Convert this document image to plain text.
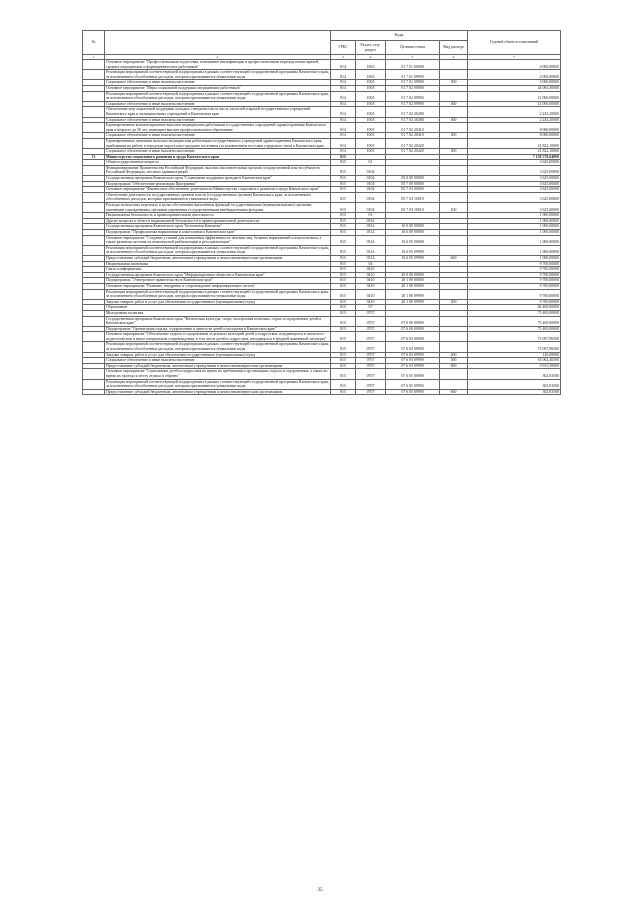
№		Коды				Годовой объем ассигнований
		ГРБС	Раздел, под-раздел	Целевая статья	Вид расхода	
1	2	3	4	5	6	7
	Основное мероприятие "Профессиональная подготовка, повышение квалификации и профессиональная переподготовка врачей, средних медицинских и фармацевтических работников"	814	1003	01 7 01 00000		4 000,00000
	Реализация мероприятий соответствующей подпрограммы в рамках соответствующей государственной программы Камчатского края, за исключением обособленных расходов, которым присваиваются уникальные коды	814	1003	01 7 01 09990		4 000,00000
	Социальное обеспечение и иные выплаты населению	814	1003	01 7 01 09990	300	4 000,00000
	Основное мероприятие "Меры социальной поддержки медицинских работников"	814	1003	01 7 02 00000		44 065,30000
	Реализация мероприятий соответствующей подпрограммы в рамках соответствующей государственной программы Камчатского края, за исключением обособленных расходов, которым присваиваются уникальные коды	814	1003	01 7 02 09990		12 000,00000
	Социальное обеспечение и иные выплаты населению	814	1003	01 7 02 09990	300	12 000,00000
	Обеспечение мер социальной поддержки молодых специалистов из числа учителей и врачей государственных учреждений Камчатского края и муниципальных учреждений в Камчатском крае	814	1003	01 7 02 20280		2 243,20000
	Социальное обеспечение и иные выплаты населению	814	1003	01 7 02 20280	300	2 243,20000
	Единовременные компенсационные выплаты медицинским работникам государственных учреждений здравоохранения Камчатского края в возрасте до 50 лет, имеющим высшее профессиональное образование	814	1003	01 7 02 20410		8 000,00000
	Социальное обеспечение и иные выплаты населению	814	1003	01 7 02 20410	300	8 000,00000
	Единовременные денежные выплаты медицинским работникам государственных учреждений здравоохранения Камчатского края, прибывшим на работу в городские округа или городские поселения (за исключением поселков городского типа) в Камчатском крае	814	1003	01 7 02 20420		21 822,10000
	Социальное обеспечение и иные выплаты населению	814	1003	01 7 02 20420	300	21 822,10000
13	Министерство социального развития и труда Камчатского края	815				7 158 578,04000
	Общегосударственные вопросы	815	01			3 625,00000
	Функционирование Правительства Российской Федерации, высших исполнительных органов государственной власти субъектов Российской Федерации, местных администраций	815	0104			3 625,00000
	Государственная программа Камчатского края "Социальная поддержка граждан в Камчатском крае"	815	0104	05 0 00 00000		3 625,00000
	Подпрограмма "Обеспечение реализации Программы"	815	0104	05 7 00 00000		3 625,00000
	Основное мероприятие "Финансовое обеспечение деятельности Министерства социального развития и труда Камчатского края"	815	0104	05 7 03 00000		3 625,00000
	Обеспечение деятельности государственных органов власти (государственных органов) Камчатского края, за исключением обособленных расходов, которым присваиваются уникальные коды	815	0104	05 7 03 10010		3 625,00000
	Расходы на выплаты персоналу в целях обеспечения выполнения функций государственными (муниципальными) органами, казенными учреждениями, органами управления государственными внебюджетными фондами	815	0104	05 7 03 10010	100	3 625,00000
	Национальная безопасность и правоохранительная деятельность	815	03			1 000,00000
	Другие вопросы в области национальной безопасности и правоохранительной деятельности	815	0314			1 000,00000
	Государственная программа Камчатского края "Безопасная Камчатка"	815	0314	16 0 00 00000		1 000,00000
	Подпрограмма "Профилактика наркомании и алкоголизма в Камчатском крае"	815	0314	16 6 00 00000		1 000,00000
	Основное мероприятие "Создание условий для повышения эффективности лечения лиц, больных наркоманией и алкоголизмом, а также развития системы их комплексной реабилитации и ресоциализации"	815	0314	16 6 05 00000		1 000,00000
	Реализация мероприятий соответствующей подпрограммы в рамках соответствующей государственной программы Камчатского края, за исключением обособленных расходов, которым присваиваются уникальные коды	815	0314	16 6 05 09990		1 000,00000
	Предоставление субсидий бюджетным, автономным учреждениям и иным некоммерческим организациям	815	0314	16 6 05 09990	600	1 000,00000
	Национальная экономика	815	04			9 700,00000
	Связь и информатика	815	0410			9 700,00000
	Государственная программа Камчатского края "Информационное общество в Камчатском крае"	815	0410	20 0 00 00000		9 700,00000
	Подпрограмма "Электронное правительство в Камчатском крае"	815	0410	20 1 00 00000		9 700,00000
	Основное мероприятие "Развитие, внедрение и сопровождение информационных систем"	815	0410	20 1 06 00000		9 700,00000
	Реализация мероприятий соответствующей подпрограммы в рамках соответствующей государственной программы Камчатского края, за исключением обособленных расходов, которым присваиваются уникальные коды	815	0410	20 1 06 09990		9 700,00000
	Закупка товаров, работ и услуг для обеспечения государственных (муниципальных) нужд	815	0410	20 1 06 09990	200	9 700,00000
	Образование	815	07			84 400,00000
	Молодежная политика	815	0707			73 400,00000
	Государственная программа Камчатского края "Физическая культура, спорт, молодежная политика, отдых и оздоровление детей в Камчатском крае"	815	0707	07 0 00 00000		73 400,00000
	Подпрограмма "Организация отдыха, оздоровления и занятости детей и молодежи в Камчатском крае"	815	0707	07 6 00 00000		73 400,00000
	Основное мероприятие "Обеспечение отдыха и оздоровления отдельных категорий детей и подростков, нуждающихся в психолого-педагогическом и ином специальном сопровождении, в том числе детей и подростков, находящихся в трудной жизненной ситуации"	815	0707	07 6 03 00000		73 097,96500
	Реализация мероприятий соответствующей подпрограммы в рамках соответствующей государственной программы Камчатского края, за исключением обособленных расходов, которым присваиваются уникальные коды	815	0707	07 6 03 09990		73 097,96500
	Закупка товаров, работ и услуг для обеспечения государственных (муниципальных) нужд	815	0707	07 6 03 09990	200	120,00000
	Социальное обеспечение и иные выплаты населению	815	0707	07 6 03 09990	300	63 062,46500
	Предоставление субсидий бюджетным, автономным учреждениям и иным некоммерческим организациям	815	0707	07 6 03 09990	600	9 915,50000
	Основное мероприятие "Страхование детей и подростков во время их пребывания в организациях отдыха и оздоровления, а также во время их проезда к месту отдыха и обратно"	815	0707	07 6 05 00000		302,03500
	Реализация мероприятий соответствующей подпрограммы в рамках соответствующей государственной программы Камчатского края, за исключением обособленных расходов, которым присваиваются уникальные коды	815	0707	07 6 05 09990		302,03500
	Предоставление субсидий бюджетным, автономным учреждениям и иным некоммерческим организациям	815	0707	07 6 05 09990	600	302,03500
35
